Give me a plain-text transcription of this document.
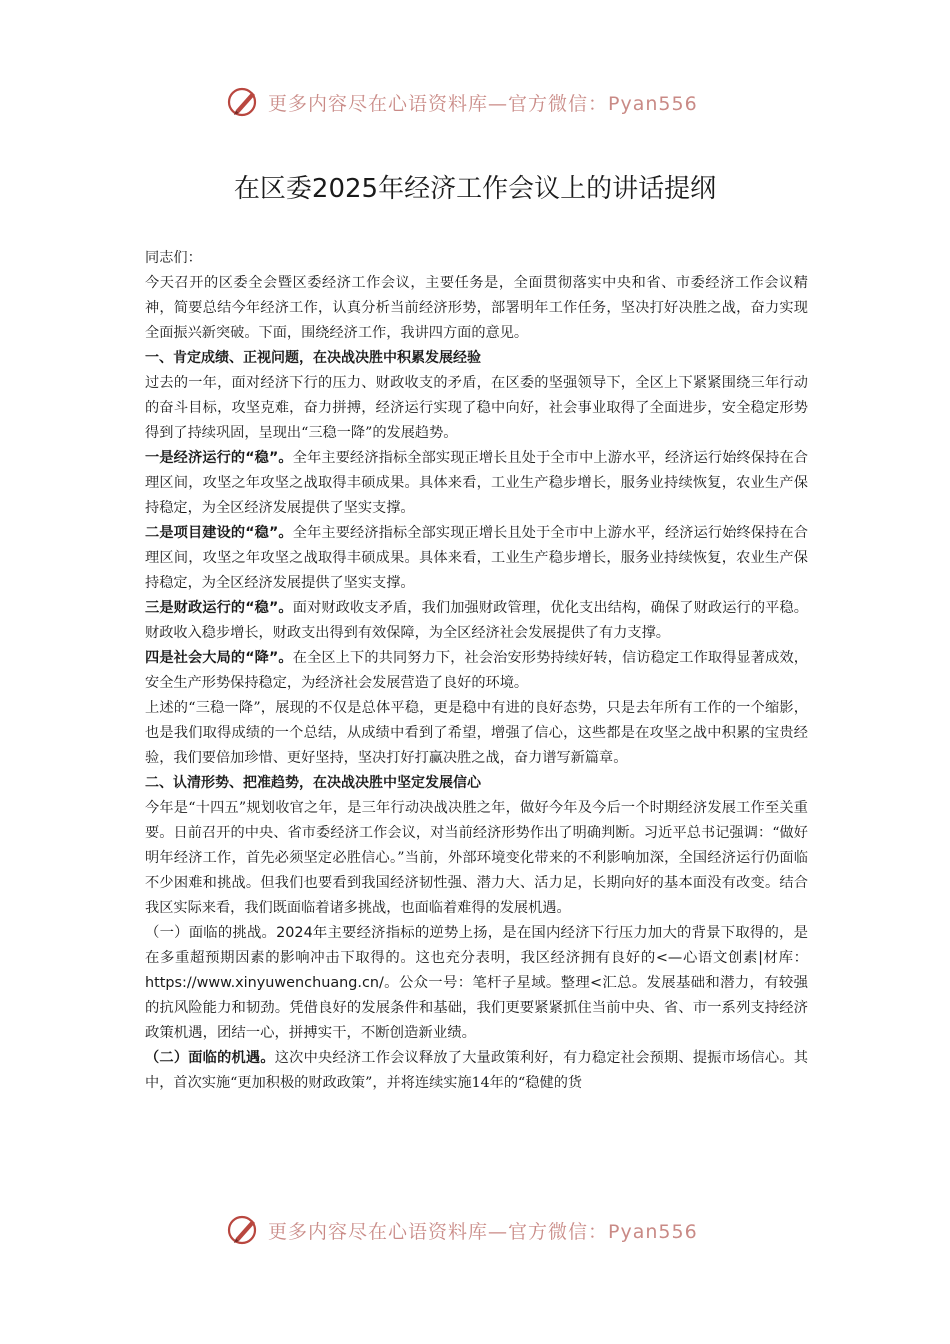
更多内容尽在心语资料库—官方微信：Pyan556
在区委2025年经济工作会议上的讲话提纲

同志们：

今天召开的区委全会暨区委经济工作会议，主要任务是，全面贯彻落实中央和省、市委经济工作会议精神，简要总结今年经济工作，认真分析当前经济形势，部署明年工作任务，坚决打好决胜之战，奋力实现全面振兴新突破。下面，围绕经济工作，我讲四方面的意见。

一、肯定成绩、正视问题，在决战决胜中积累发展经验

过去的一年，面对经济下行的压力、财政收支的矛盾，在区委的坚强领导下，全区上下紧紧围绕三年行动的奋斗目标，攻坚克难，奋力拼搏，经济运行实现了稳中向好，社会事业取得了全面进步，安全稳定形势得到了持续巩固，呈现出“三稳一降”的发展趋势。

一是经济运行的“稳”。全年主要经济指标全部实现正增长且处于全市中上游水平，经济运行始终保持在合理区间，攻坚之年攻坚之战取得丰硕成果。具体来看，工业生产稳步增长，服务业持续恢复，农业生产保持稳定，为全区经济发展提供了坚实支撑。

二是项目建设的“稳”。全年主要经济指标全部实现正增长且处于全市中上游水平，经济运行始终保持在合理区间，攻坚之年攻坚之战取得丰硕成果。具体来看，工业生产稳步增长，服务业持续恢复，农业生产保持稳定，为全区经济发展提供了坚实支撑。

三是财政运行的“稳”。面对财政收支矛盾，我们加强财政管理，优化支出结构，确保了财政运行的平稳。财政收入稳步增长，财政支出得到有效保障，为全区经济社会发展提供了有力支撑。

四是社会大局的“降”。在全区上下的共同努力下，社会治安形势持续好转，信访稳定工作取得显著成效，安全生产形势保持稳定，为经济社会发展营造了良好的环境。

上述的“三稳一降”，展现的不仅是总体平稳，更是稳中有进的良好态势，只是去年所有工作的一个缩影，也是我们取得成绩的一个总结，从成绩中看到了希望，增强了信心，这些都是在攻坚之战中积累的宝贵经验，我们要倍加珍惜、更好坚持，坚决打好打赢决胜之战，奋力谱写新篇章。

二、认清形势、把准趋势，在决战决胜中坚定发展信心

今年是“十四五”规划收官之年，是三年行动决战决胜之年，做好今年及今后一个时期经济发展工作至关重要。日前召开的中央、省市委经济工作会议，对当前经济形势作出了明确判断。习近平总书记强调：“做好明年经济工作，首先必须坚定必胜信心。”当前，外部环境变化带来的不利影响加深，全国经济运行仍面临不少困难和挑战。但我们也要看到我国经济韧性强、潜力大、活力足，长期向好的基本面没有改变。结合我区实际来看，我们既面临着诸多挑战，也面临着难得的发展机遇。

（一）面临的挑战。2024年主要经济指标的逆势上扬，是在国内经济下行压力加大的背景下取得的，是在多重超预期因素的影响冲击下取得的。这也充分表明，我区经济拥有良好的<—心语文创素|材库：https://www.xinyuwenchuang.cn/。公众一号：笔杆子星域。整理<汇总。发展基础和潜力，有较强的抗风险能力和韧劲。凭借良好的发展条件和基础，我们更要紧紧抓住当前中央、省、市一系列支持经济政策机遇，团结一心，拼搏实干，不断创造新业绩。

（二）面临的机遇。这次中央经济工作会议释放了大量政策利好，有力稳定社会预期、提振市场信心。其中，首次实施“更加积极的财政政策”，并将连续实施14年的“稳健的货

更多内容尽在心语资料库—官方微信：Pyan556
